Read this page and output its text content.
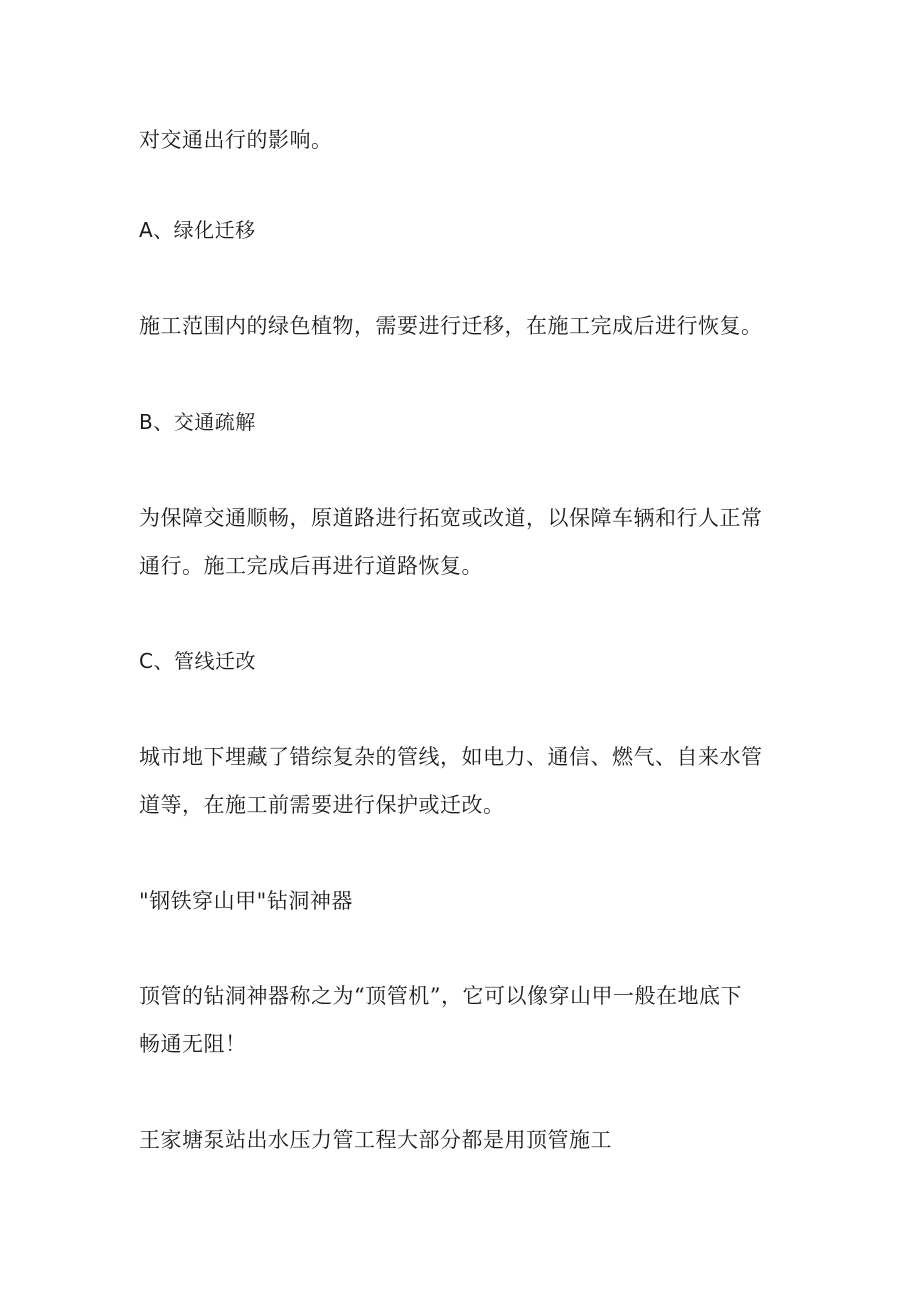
对交通出行的影响。
A、绿化迁移
施工范围内的绿色植物，需要进行迁移，在施工完成后进行恢复。
B、交通疏解
为保障交通顺畅，原道路进行拓宽或改道，以保障车辆和行人正常
通行。施工完成后再进行道路恢复。
C、管线迁改
城市地下埋藏了错综复杂的管线，如电力、通信、燃气、自来水管
道等，在施工前需要进行保护或迁改。
"钢铁穿山甲"钻洞神器
顶管的钻洞神器称之为“顶管机”，它可以像穿山甲一般在地底下
畅通无阻！
王家塘泵站出水压力管工程大部分都是用顶管施工
